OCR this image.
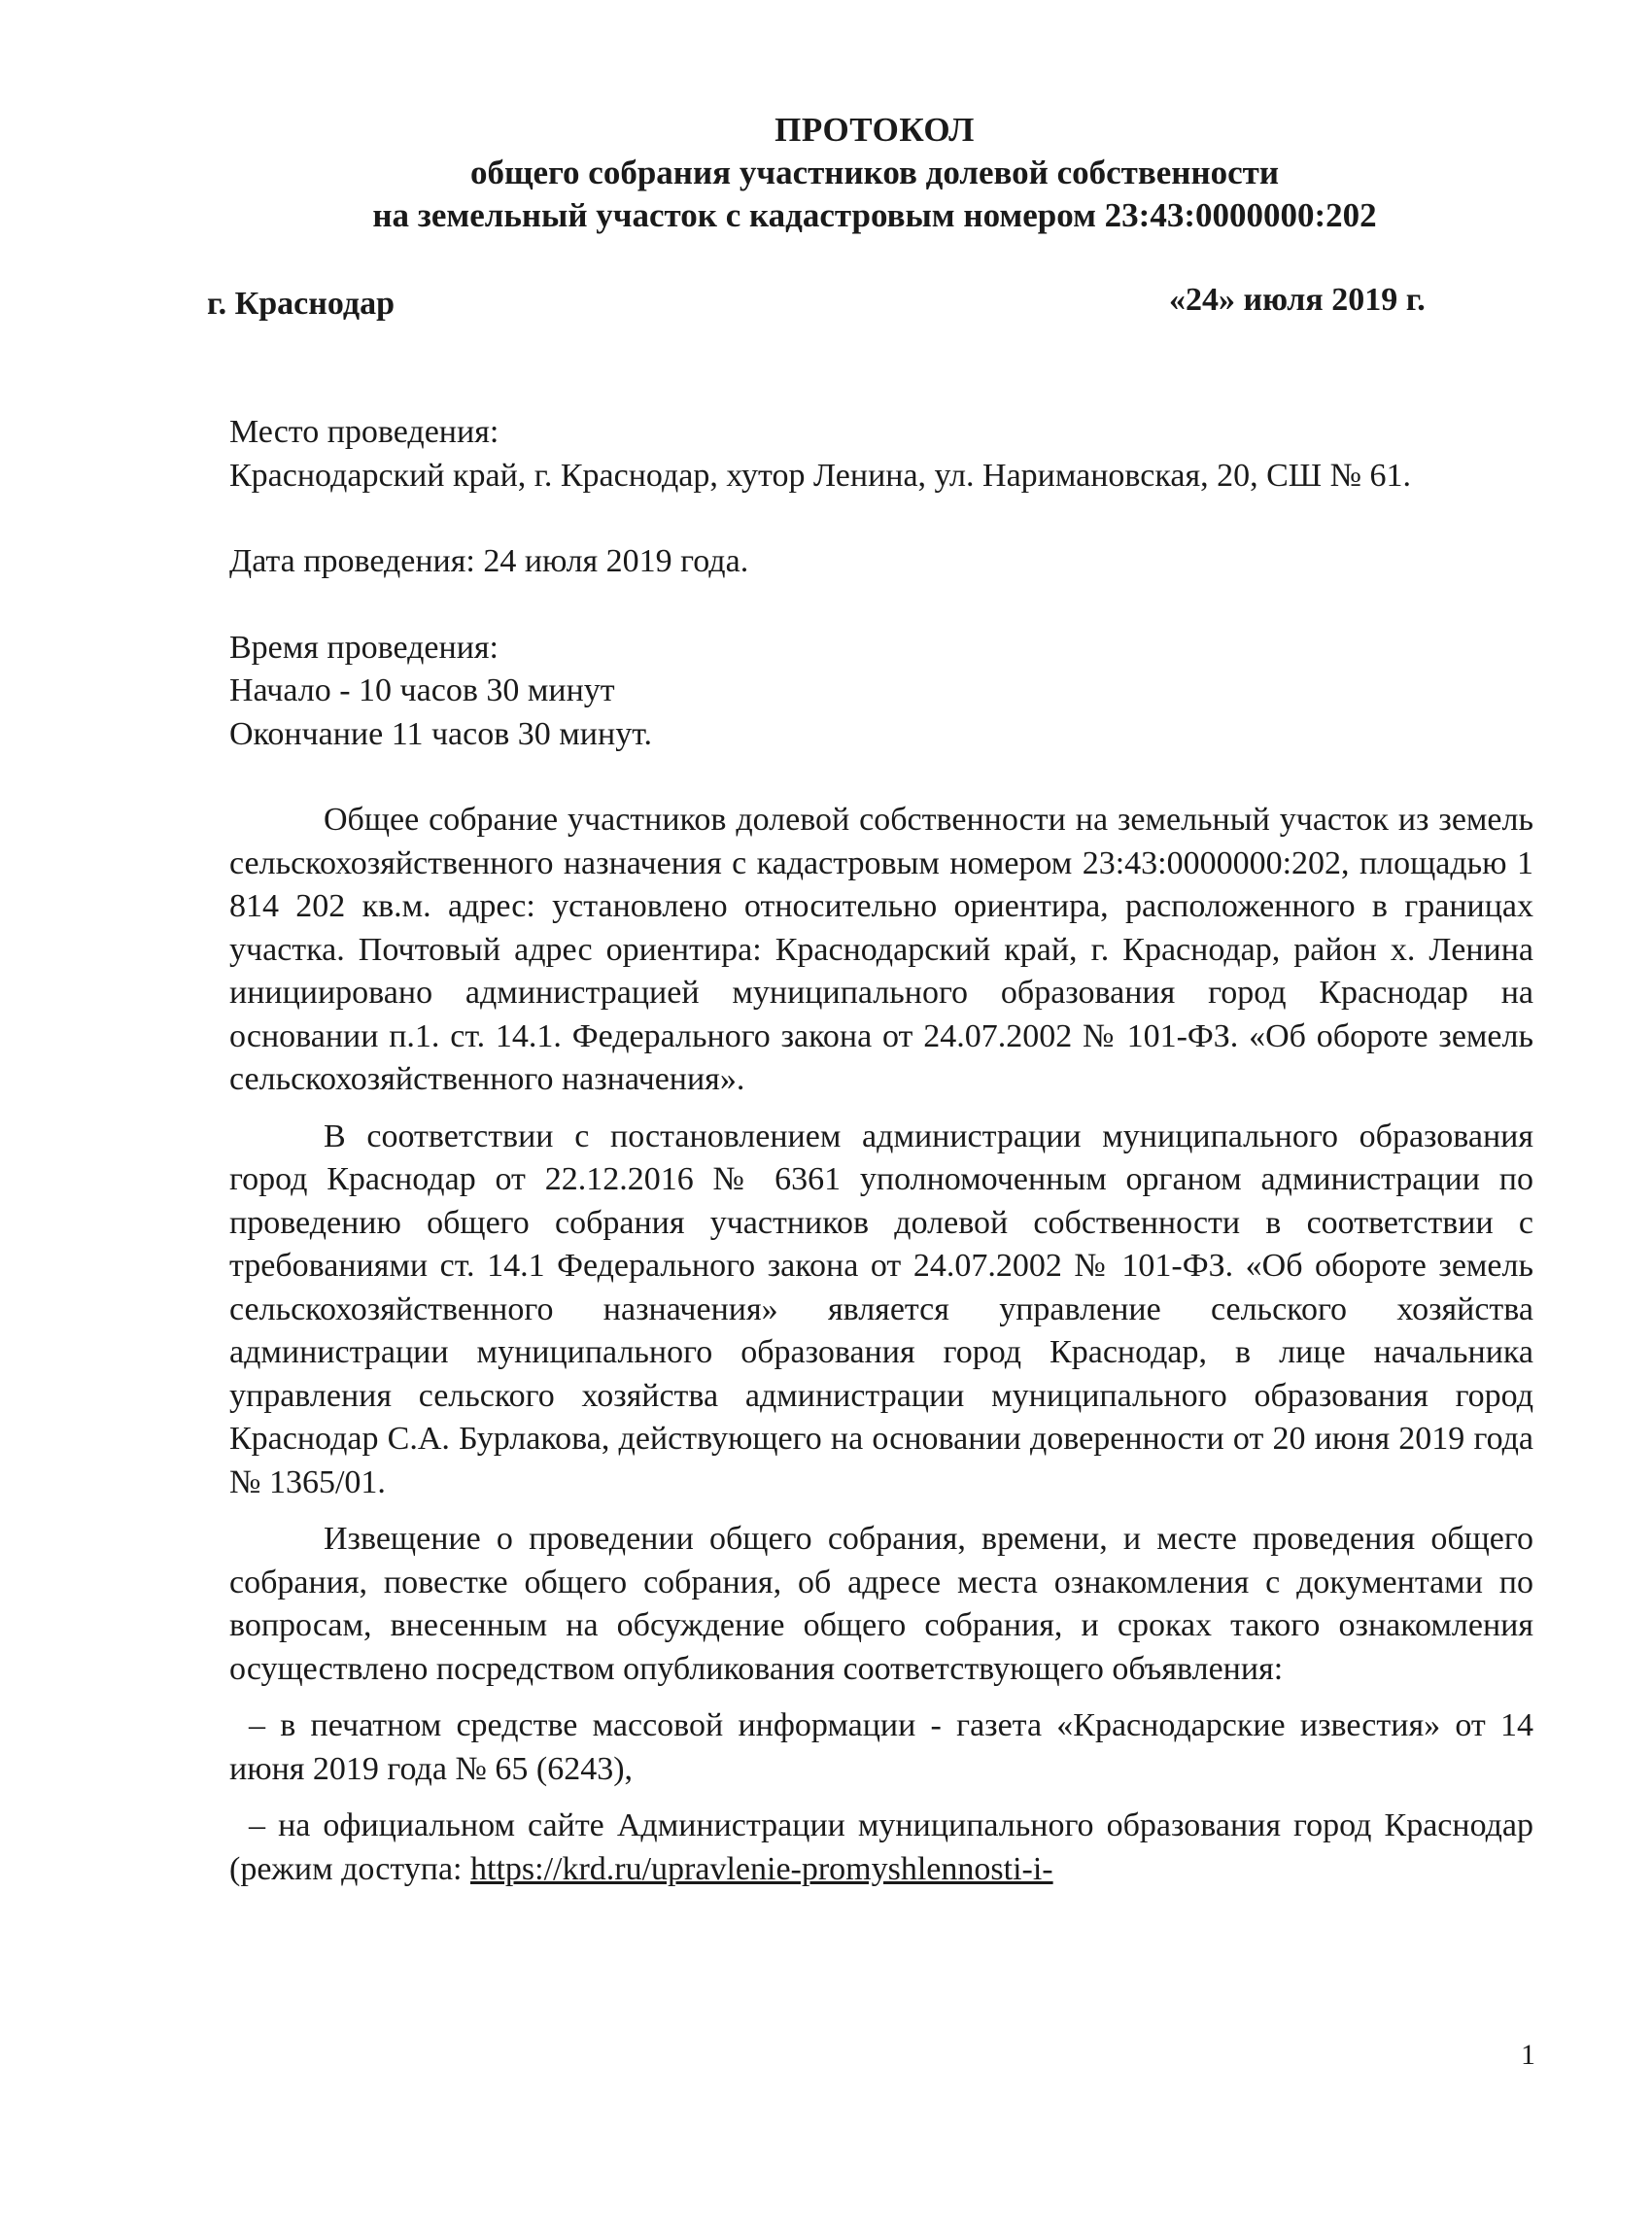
ПРОТОКОЛ
общего собрания участников долевой собственности
на земельный участок с кадастровым номером 23:43:0000000:202
г. Краснодар	«24» июля 2019 г.

Место проведения:

Краснодарский край, г. Краснодар, хутор Ленина, ул. Наримановская, 20, СШ № 61.

Дата проведения: 24 июля 2019 года.

Время проведения:

Начало - 10 часов 30 минут

Окончание 11 часов 30 минут.

Общее собрание участников долевой собственности на земельный участок из земель сельскохозяйственного назначения с кадастровым номером 23:43:0000000:202, площадью 1 814 202 кв.м. адрес: установлено относительно ориентира, расположенного в границах участка. Почтовый адрес ориентира: Краснодарский край, г. Краснодар, район х. Ленина инициировано администрацией муниципального образования город Краснодар на основании п.1. ст. 14.1. Федерального закона от 24.07.2002 № 101-ФЗ. «Об обороте земель сельскохозяйственного назначения».

В соответствии с постановлением администрации муниципального образования город Краснодар от 22.12.2016 № 6361 уполномоченным органом администрации по проведению общего собрания участников долевой собственности в соответствии с требованиями ст. 14.1 Федерального закона от 24.07.2002 № 101-ФЗ. «Об обороте земель сельскохозяйственного назначения» является управление сельского хозяйства администрации муниципального образования город Краснодар, в лице начальника управления сельского хозяйства администрации муниципального образования город Краснодар С.А. Бурлакова, действующего на основании доверенности от 20 июня 2019 года № 1365/01.

Извещение о проведении общего собрания, времени, и месте проведения общего собрания, повестке общего собрания, об адресе места ознакомления с документами по вопросам, внесенным на обсуждение общего собрания, и сроках такого ознакомления осуществлено посредством опубликования соответствующего объявления:

– в печатном средстве массовой информации - газета «Краснодарские известия» от 14 июня 2019 года № 65 (6243),

– на официальном сайте Администрации муниципального образования город Краснодар (режим доступа: https://krd.ru/upravlenie-promyshlennosti-i-

1
